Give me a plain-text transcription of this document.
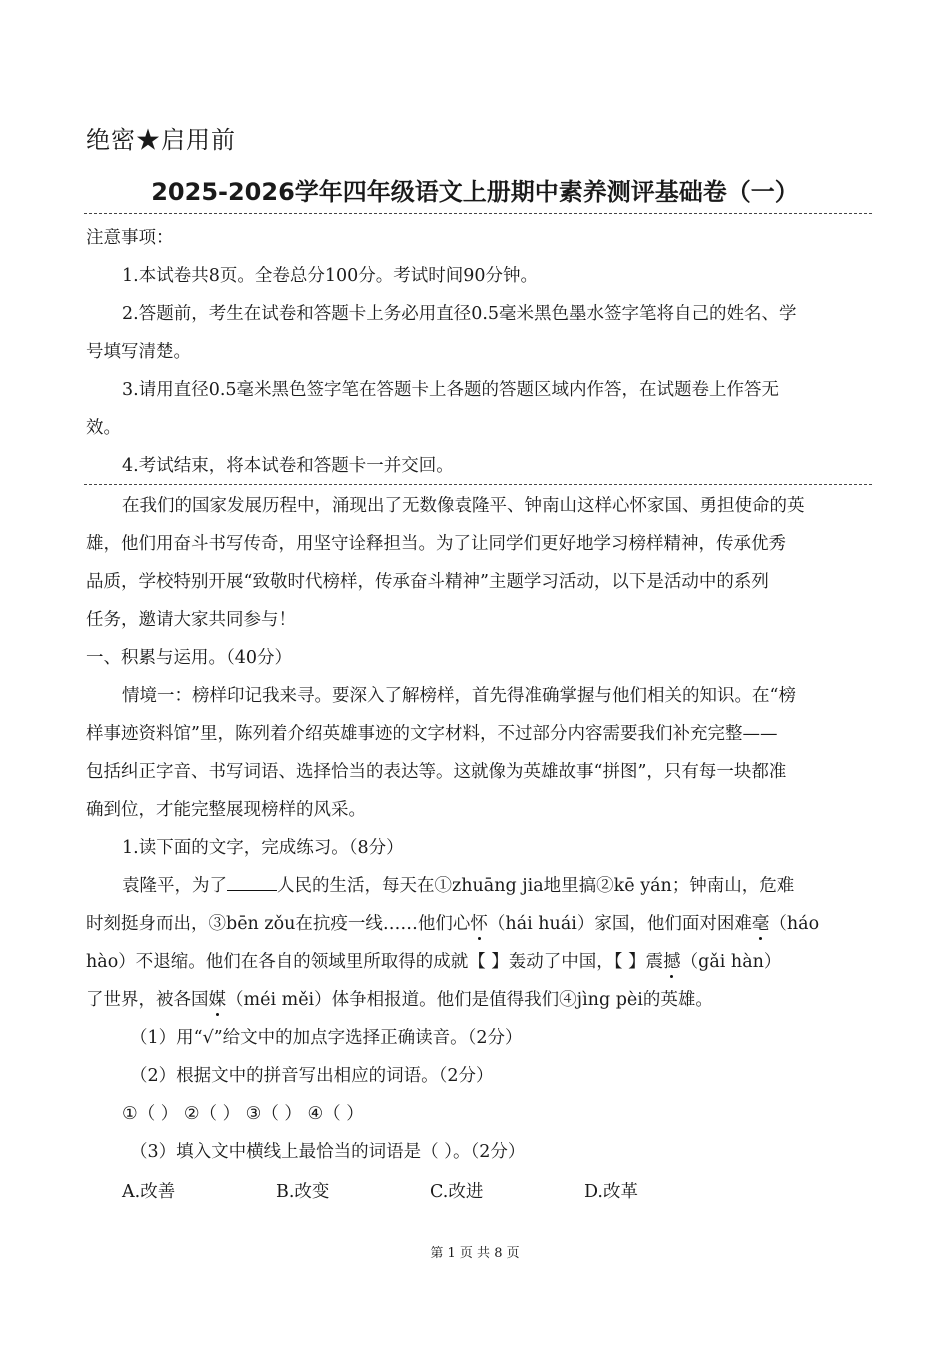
绝密★启用前
2025-2026学年四年级语文上册期中素养测评基础卷（一）
注意事项：
1.本试卷共8页。全卷总分100分。考试时间90分钟。
2.答题前，考生在试卷和答题卡上务必用直径0.5毫米黑色墨水签字笔将自己的姓名、学
号填写清楚。
3.请用直径0.5毫米黑色签字笔在答题卡上各题的答题区域内作答，在试题卷上作答无
效。
4.考试结束，将本试卷和答题卡一并交回。
在我们的国家发展历程中，涌现出了无数像袁隆平、钟南山这样心怀家国、勇担使命的英
雄，他们用奋斗书写传奇，用坚守诠释担当。为了让同学们更好地学习榜样精神，传承优秀
品质，学校特别开展“致敬时代榜样，传承奋斗精神”主题学习活动，以下是活动中的系列
任务，邀请大家共同参与！
一、积累与运用。（40分）
情境一：榜样印记我来寻。要深入了解榜样，首先得准确掌握与他们相关的知识。在“榜
样事迹资料馆”里，陈列着介绍英雄事迹的文字材料，不过部分内容需要我们补充完整——
包括纠正字音、书写词语、选择恰当的表达等。这就像为英雄故事“拼图”，只有每一块都准
确到位，才能完整展现榜样的风采。
1.读下面的文字，完成练习。（8分）
袁隆平，为了	人民的生活，每天在①zhuāng jia地里搞②kē yán；钟南山，危难
时刻挺身而出，③bēn zǒu在抗疫一线……他们心怀（hái huái）家国，他们面对困难毫（háo
hào）不退缩。他们在各自的领域里所取得的成就【 】轰动了中国，【 】震撼（gǎi hàn）
了世界，被各国媒（méi měi）体争相报道。他们是值得我们④jìng pèi的英雄。
（1）用“√”给文中的加点字选择正确读音。（2分）
（2）根据文中的拼音写出相应的词语。（2分）
①（ ） ②（ ） ③（ ） ④（ ）
（3）填入文中横线上最恰当的词语是（ ）。（2分）
A.改善	B.改变	C.改进	D.改革
第 1 页 共 8 页
